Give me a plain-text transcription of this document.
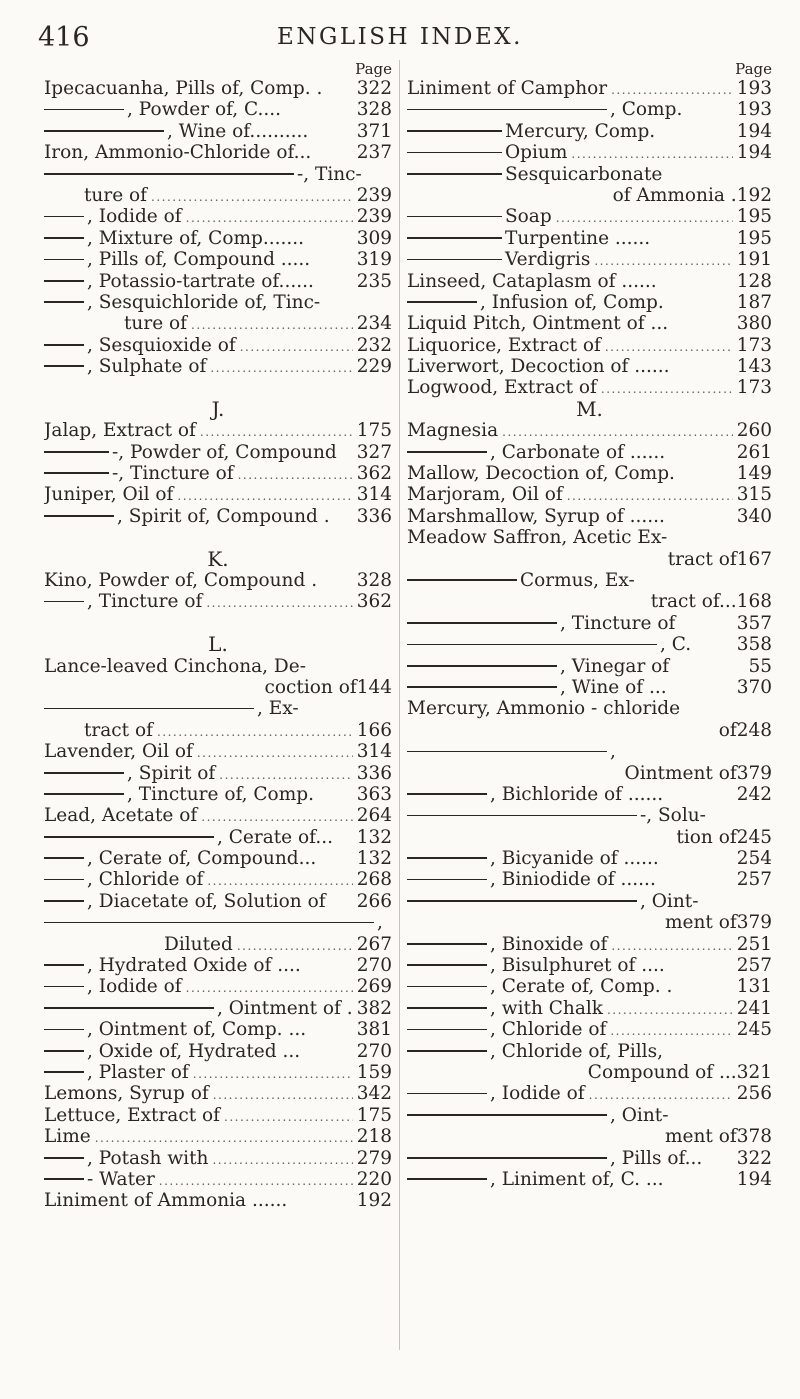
416	ENGLISH INDEX.
Page
Ipecacuanha, Pills of, Comp. . 322
, Powder of, C....	328
, Wine of..........	371
Iron, Ammonio-Chloride of... 237
-, Tinc-
ture of .....	239
, Iodide of .....	239
, Mixture of, Comp.......	309
, Pills of, Compound .....	319
, Potassio-tartrate of...... 235
, Sesquichloride of, Tinc-
ture of .....	234
, Sesquioxide of .....	232
, Sulphate of .....	229
J.
Jalap, Extract of .....	175
-, Powder of, Compound 327
-, Tincture of .....	362
Juniper, Oil of .....	314
, Spirit of, Compound . 336
K.
Kino, Powder of, Compound . 328
, Tincture of .....	362
L.
Lance-leaved Cinchona, De-
coction of 144
, Ex-
tract of .....	166
Lavender, Oil of .....	314
, Spirit of .....	336
, Tincture of, Comp. 363
Lead, Acetate of .....	264
, Cerate of... 132
, Cerate of, Compound... 132
, Chloride of .....	268
, Diacetate of, Solution of 266
,
Diluted .....	267
, Hydrated Oxide of ....	270
, Iodide of .....	269
, Ointment of . 382
, Ointment of, Comp. ...	381
, Oxide of, Hydrated ...	270
, Plaster of .....	159
Lemons, Syrup of .....	342
Lettuce, Extract of .....	175
Lime .....	218
, Potash with .....	279
- Water .....	220
Liniment of Ammonia ......	192
Page
Liniment of Camphor .....	193
, Comp.	193
Mercury, Comp.	194
Opium .....	194
Sesquicarbonate
of Ammonia . 192
Soap .....	195
Turpentine ......	195
Verdigris .....	191
Linseed, Cataplasm of ......	128
, Infusion of, Comp.	187
Liquid Pitch, Ointment of ...	380
Liquorice, Extract of .....	173
Liverwort, Decoction of ......	143
Logwood, Extract of .....	173
M.
Magnesia .....	260
, Carbonate of ......	261
Mallow, Decoction of, Comp.	149
Marjoram, Oil of .....	315
Marshmallow, Syrup of ......	340
Meadow Saffron, Acetic Ex-
tract of 167
Cormus, Ex-
tract of... 168
, Tincture of	357
, C. 358
, Vinegar of	55
, Wine of ...	370
Mercury, Ammonio - chloride
of 248
,
Ointment of 379
, Bichloride of ......	242
-, Solu-
tion of 245
, Bicyanide of ......	254
, Biniodide of ......	257
, Oint-
ment of 379
, Binoxide of .....	251
, Bisulphuret of ....	257
, Cerate of, Comp. .	131
, with Chalk .....	241
, Chloride of .....	245
, Chloride of, Pills,
Compound of ... 321
, Iodide of .....	256
, Oint-
ment of 378
, Pills of... 322
, Liniment of, C. ...	194
